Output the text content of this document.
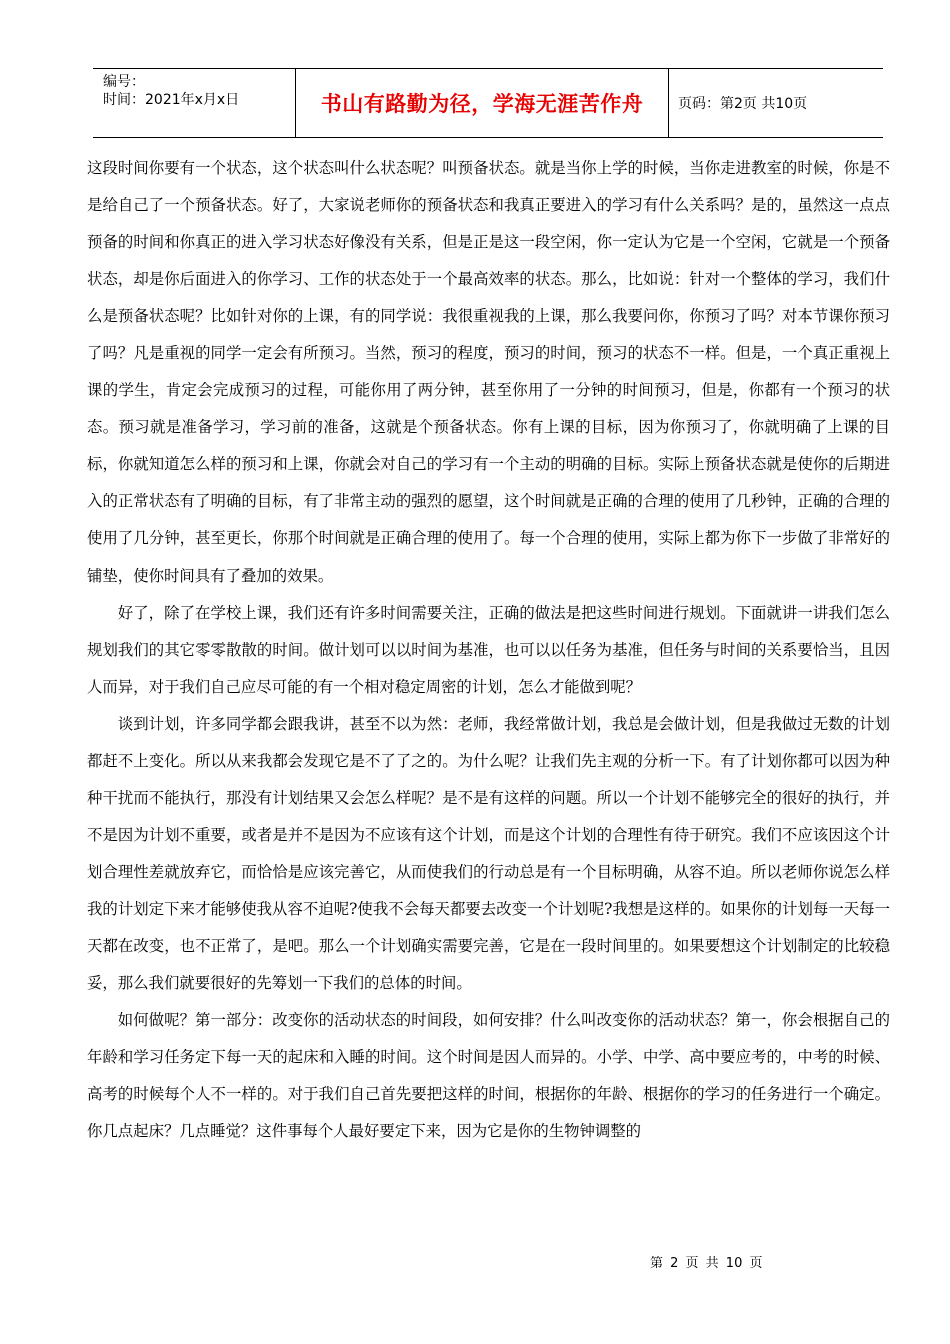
编号：
时间：2021年x月x日	书山有路勤为径，学海无涯苦作舟	页码：第2页 共10页

这段时间你要有一个状态，这个状态叫什么状态呢？叫预备状态。就是当你上学的时候，当你走进教室的时候，你是不是给自己了一个预备状态。好了，大家说老师你的预备状态和我真正要进入的学习有什么关系吗？是的，虽然这一点点预备的时间和你真正的进入学习状态好像没有关系，但是正是这一段空闲，你一定认为它是一个空闲，它就是一个预备状态，却是你后面进入的你学习、工作的状态处于一个最高效率的状态。那么，比如说：针对一个整体的学习，我们什么是预备状态呢？比如针对你的上课，有的同学说：我很重视我的上课，那么我要问你，你预习了吗？对本节课你预习了吗？凡是重视的同学一定会有所预习。当然，预习的程度，预习的时间，预习的状态不一样。但是，一个真正重视上课的学生，肯定会完成预习的过程，可能你用了两分钟，甚至你用了一分钟的时间预习，但是，你都有一个预习的状态。预习就是准备学习，学习前的准备，这就是个预备状态。你有上课的目标，因为你预习了，你就明确了上课的目标，你就知道怎么样的预习和上课，你就会对自己的学习有一个主动的明确的目标。实际上预备状态就是使你的后期进入的正常状态有了明确的目标，有了非常主动的强烈的愿望，这个时间就是正确的合理的使用了几秒钟，正确的合理的使用了几分钟，甚至更长，你那个时间就是正确合理的使用了。每一个合理的使用，实际上都为你下一步做了非常好的铺垫，使你时间具有了叠加的效果。

好了，除了在学校上课，我们还有许多时间需要关注，正确的做法是把这些时间进行规划。下面就讲一讲我们怎么规划我们的其它零零散散的时间。做计划可以以时间为基准，也可以以任务为基准，但任务与时间的关系要恰当，且因人而异，对于我们自己应尽可能的有一个相对稳定周密的计划，怎么才能做到呢？

谈到计划，许多同学都会跟我讲，甚至不以为然：老师，我经常做计划，我总是会做计划，但是我做过无数的计划都赶不上变化。所以从来我都会发现它是不了了之的。为什么呢？让我们先主观的分析一下。有了计划你都可以因为种种干扰而不能执行，那没有计划结果又会怎么样呢？是不是有这样的问题。所以一个计划不能够完全的很好的执行，并不是因为计划不重要，或者是并不是因为不应该有这个计划，而是这个计划的合理性有待于研究。我们不应该因这个计划合理性差就放弃它，而恰恰是应该完善它，从而使我们的行动总是有一个目标明确，从容不迫。所以老师你说怎么样我的计划定下来才能够使我从容不迫呢?使我不会每天都要去改变一个计划呢?我想是这样的。如果你的计划每一天每一天都在改变，也不正常了，是吧。那么一个计划确实需要完善，它是在一段时间里的。如果要想这个计划制定的比较稳妥，那么我们就要很好的先筹划一下我们的总体的时间。

如何做呢？第一部分：改变你的活动状态的时间段，如何安排？什么叫改变你的活动状态？第一，你会根据自己的年龄和学习任务定下每一天的起床和入睡的时间。这个时间是因人而异的。小学、中学、高中要应考的，中考的时候、高考的时候每个人不一样的。对于我们自己首先要把这样的时间，根据你的年龄、根据你的学习的任务进行一个确定。你几点起床？几点睡觉？这件事每个人最好要定下来，因为它是你的生物钟调整的

第 2 页 共 10 页
